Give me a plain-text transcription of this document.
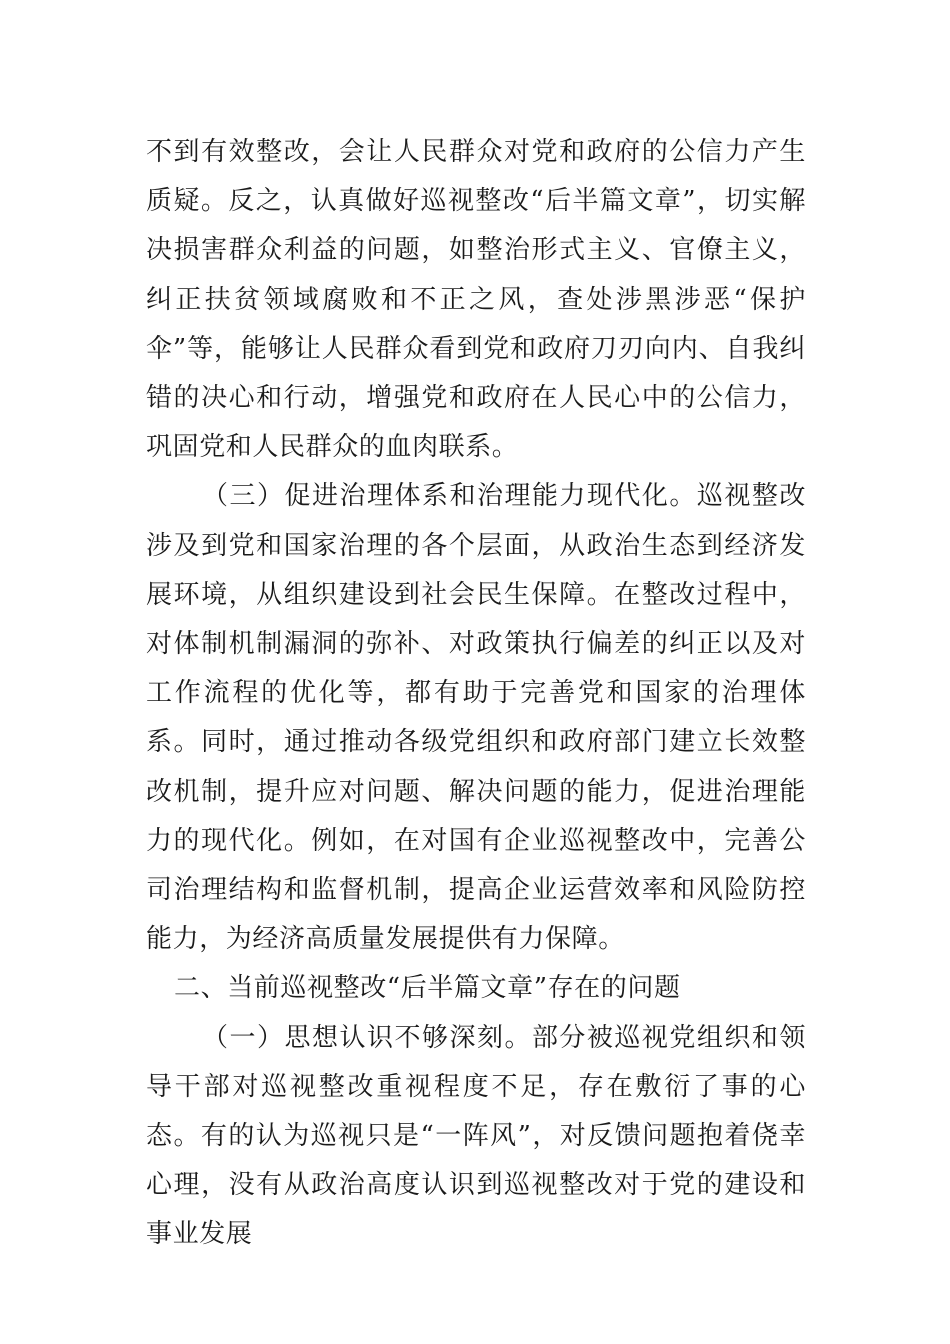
不到有效整改，会让人民群众对党和政府的公信力产生质疑。反之，认真做好巡视整改“后半篇文章”，切实解决损害群众利益的问题，如整治形式主义、官僚主义，纠正扶贫领域腐败和不正之风，查处涉黑涉恶“保护伞”等，能够让人民群众看到党和政府刀刃向内、自我纠错的决心和行动，增强党和政府在人民心中的公信力，巩固党和人民群众的血肉联系。

（三）促进治理体系和治理能力现代化。巡视整改涉及到党和国家治理的各个层面，从政治生态到经济发展环境，从组织建设到社会民生保障。在整改过程中，对体制机制漏洞的弥补、对政策执行偏差的纠正以及对工作流程的优化等，都有助于完善党和国家的治理体系。同时，通过推动各级党组织和政府部门建立长效整改机制，提升应对问题、解决问题的能力，促进治理能力的现代化。例如，在对国有企业巡视整改中，完善公司治理结构和监督机制，提高企业运营效率和风险防控能力，为经济高质量发展提供有力保障。

二、当前巡视整改“后半篇文章”存在的问题

（一）思想认识不够深刻。部分被巡视党组织和领导干部对巡视整改重视程度不足，存在敷衍了事的心态。有的认为巡视只是“一阵风”，对反馈问题抱着侥幸心理，没有从政治高度认识到巡视整改对于党的建设和事业发展
